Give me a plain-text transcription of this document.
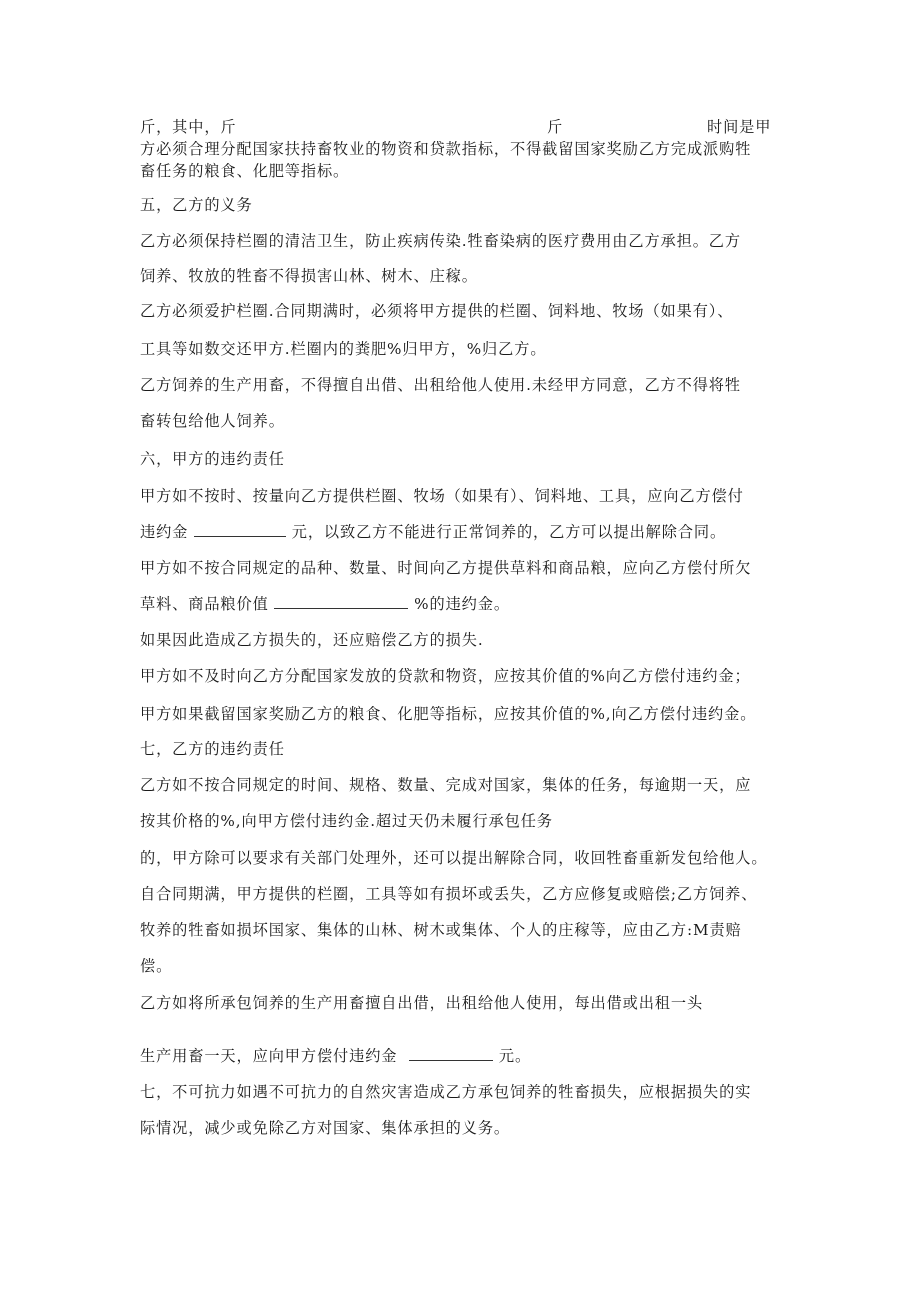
斤，其中，斤	斤	时间是甲
方必须合理分配国家扶持畜牧业的物资和贷款指标，不得截留国家奖励乙方完成派购牲
畜任务的粮食、化肥等指标。
五，乙方的义务
乙方必须保持栏圈的清洁卫生，防止疾病传染.牲畜染病的医疗费用由乙方承担。乙方
饲养、牧放的牲畜不得损害山林、树木、庄稼。
乙方必须爱护栏圈.合同期满时，必须将甲方提供的栏圈、饲料地、牧场（如果有）、
工具等如数交还甲方.栏圈内的粪肥%归甲方，%归乙方。
乙方饲养的生产用畜，不得擅自出借、出租给他人使用.未经甲方同意，乙方不得将牲
畜转包给他人饲养。
六，甲方的违约责任
甲方如不按时、按量向乙方提供栏圈、牧场（如果有）、饲料地、工具，应向乙方偿付
违约金	元，以致乙方不能进行正常饲养的，乙方可以提出解除合同。
甲方如不按合同规定的品种、数量、时间向乙方提供草料和商品粮，应向乙方偿付所欠
草料、商品粮价值	%的违约金。
如果因此造成乙方损失的，还应赔偿乙方的损失.
甲方如不及时向乙方分配国家发放的贷款和物资，应按其价值的%向乙方偿付违约金；
甲方如果截留国家奖励乙方的粮食、化肥等指标，应按其价值的%,向乙方偿付违约金。
七，乙方的违约责任
乙方如不按合同规定的时间、规格、数量、完成对国家，集体的任务，每逾期一天，应
按其价格的%,向甲方偿付违约金.超过天仍未履行承包任务
的，甲方除可以要求有关部门处理外，还可以提出解除合同，收回牲畜重新发包给他人。
自合同期满，甲方提供的栏圈，工具等如有损坏或丢失，乙方应修复或赔偿;乙方饲养、
牧养的牲畜如损坏国家、集体的山林、树木或集体、个人的庄稼等，应由乙方:M责赔
偿。
乙方如将所承包饲养的生产用畜擅自出借，出租给他人使用，每出借或出租一头
生产用畜一天，应向甲方偿付违约金	元。
七，不可抗力如遇不可抗力的自然灾害造成乙方承包饲养的牲畜损失，应根据损失的实
际情况，减少或免除乙方对国家、集体承担的义务。
